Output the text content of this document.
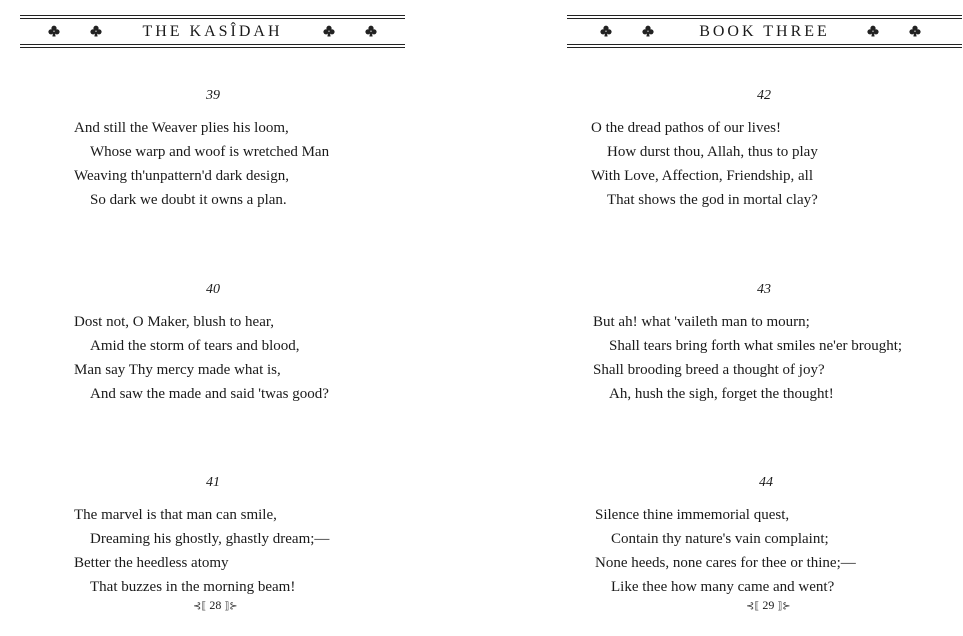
THE KASÎDAH
39
And still the Weaver plies his loom,
Whose warp and woof is wretched Man
Weaving th'unpattern'd dark design,
So dark we doubt it owns a plan.
40
Dost not, O Maker, blush to hear,
Amid the storm of tears and blood,
Man say Thy mercy made what is,
And saw the made and said 'twas good?
41
The marvel is that man can smile,
Dreaming his ghostly, ghastly dream;—
Better the heedless atomy
That buzzes in the morning beam!
⊰⟦ 28 ⟧⊱
BOOK THREE
42
O the dread pathos of our lives!
How durst thou, Allah, thus to play
With Love, Affection, Friendship, all
That shows the god in mortal clay?
43
But ah! what 'vaileth man to mourn;
Shall tears bring forth what smiles ne'er brought;
Shall brooding breed a thought of joy?
Ah, hush the sigh, forget the thought!
44
Silence thine immemorial quest,
Contain thy nature's vain complaint;
None heeds, none cares for thee or thine;—
Like thee how many came and went?
⊰⟦ 29 ⟧⊱
